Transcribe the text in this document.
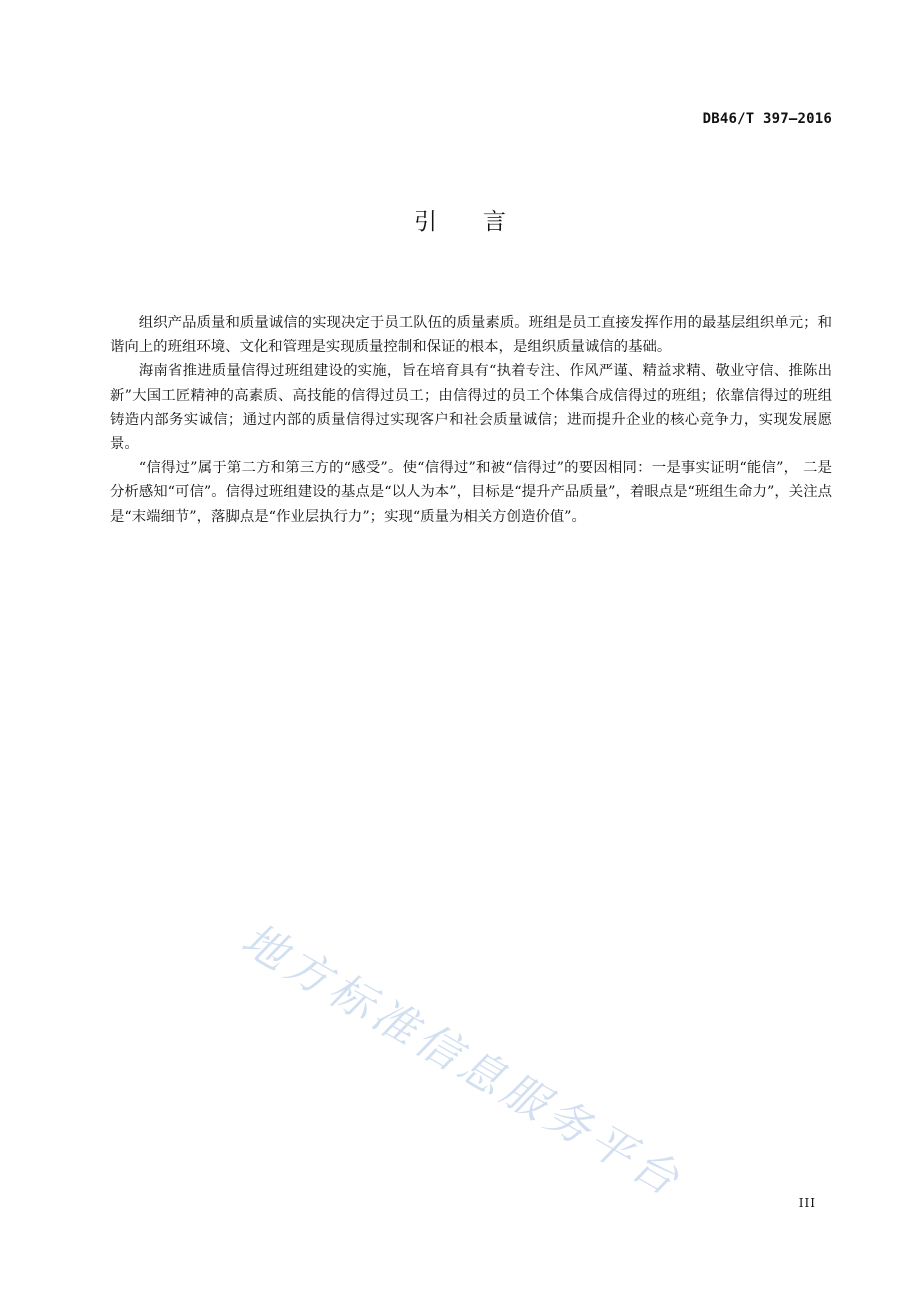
DB46/T 397—2016
引言

组织产品质量和质量诚信的实现决定于员工队伍的质量素质。班组是员工直接发挥作用的最基层组织单元；和谐向上的班组环境、文化和管理是实现质量控制和保证的根本，是组织质量诚信的基础。

海南省推进质量信得过班组建设的实施，旨在培育具有“执着专注、作风严谨、精益求精、敬业守信、推陈出新”大国工匠精神的高素质、高技能的信得过员工；由信得过的员工个体集合成信得过的班组；依靠信得过的班组铸造内部务实诚信；通过内部的质量信得过实现客户和社会质量诚信；进而提升企业的核心竞争力，实现发展愿景。

“信得过”属于第二方和第三方的“感受”。使“信得过”和被“信得过”的要因相同：一是事实证明“能信”， 二是分析感知“可信”。信得过班组建设的基点是“以人为本”，目标是“提升产品质量”，着眼点是“班组生命力”，关注点是“末端细节”，落脚点是“作业层执行力”；实现“质量为相关方创造价值”。

地方标准信息服务平台	III
